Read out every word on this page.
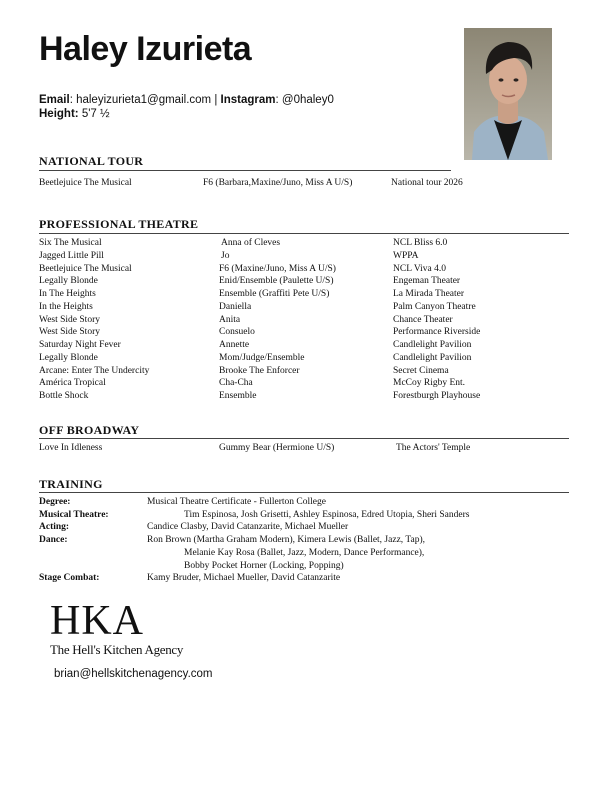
Haley Izurieta
Email: haleyizurieta1@gmail.com | Instagram: @0haley0
Height: 5'7 ½
NATIONAL TOUR
Beetlejuice The Musical	F6 (Barbara,Maxine/Juno, Miss A U/S)	National tour 2026
PROFESSIONAL THEATRE
Six The Musical	Anna of Cleves	NCL Bliss 6.0
Jagged Little Pill	Jo	WPPA
Beetlejuice The Musical	F6 (Maxine/Juno, Miss A U/S)	NCL Viva 4.0
Legally Blonde	Enid/Ensemble (Paulette U/S)	Engeman Theater
In The Heights	Ensemble (Graffiti Pete U/S)	La Mirada Theater
In the Heights	Daniella	Palm Canyon Theatre
West Side Story	Anita	Chance Theater
West Side Story	Consuelo	Performance Riverside
Saturday Night Fever	Annette	Candlelight Pavilion
Legally Blonde	Mom/Judge/Ensemble	Candlelight Pavilion
Arcane: Enter The Undercity	Brooke The Enforcer	Secret Cinema
América Tropical	Cha-Cha	McCoy Rigby Ent.
Bottle Shock	Ensemble	Forestburgh Playhouse
OFF BROADWAY
Love In Idleness	Gummy Bear (Hermione U/S)	The Actors' Temple
TRAINING
Degree:	Musical Theatre Certificate - Fullerton College
Musical Theatre:	Tim Espinosa, Josh Grisetti, Ashley Espinosa, Edred Utopia, Sheri Sanders
Acting:	Candice Clasby, David Catanzarite, Michael Mueller
Dance:	Ron Brown (Martha Graham Modern), Kimera Lewis (Ballet, Jazz, Tap),
Melanie Kay Rosa (Ballet, Jazz, Modern, Dance Performance),
Bobby Pocket Horner (Locking, Popping)
Stage Combat:	Kamy Bruder, Michael Mueller, David Catanzarite
HKA
The Hell's Kitchen Agency
brian@hellskitchenagency.com
